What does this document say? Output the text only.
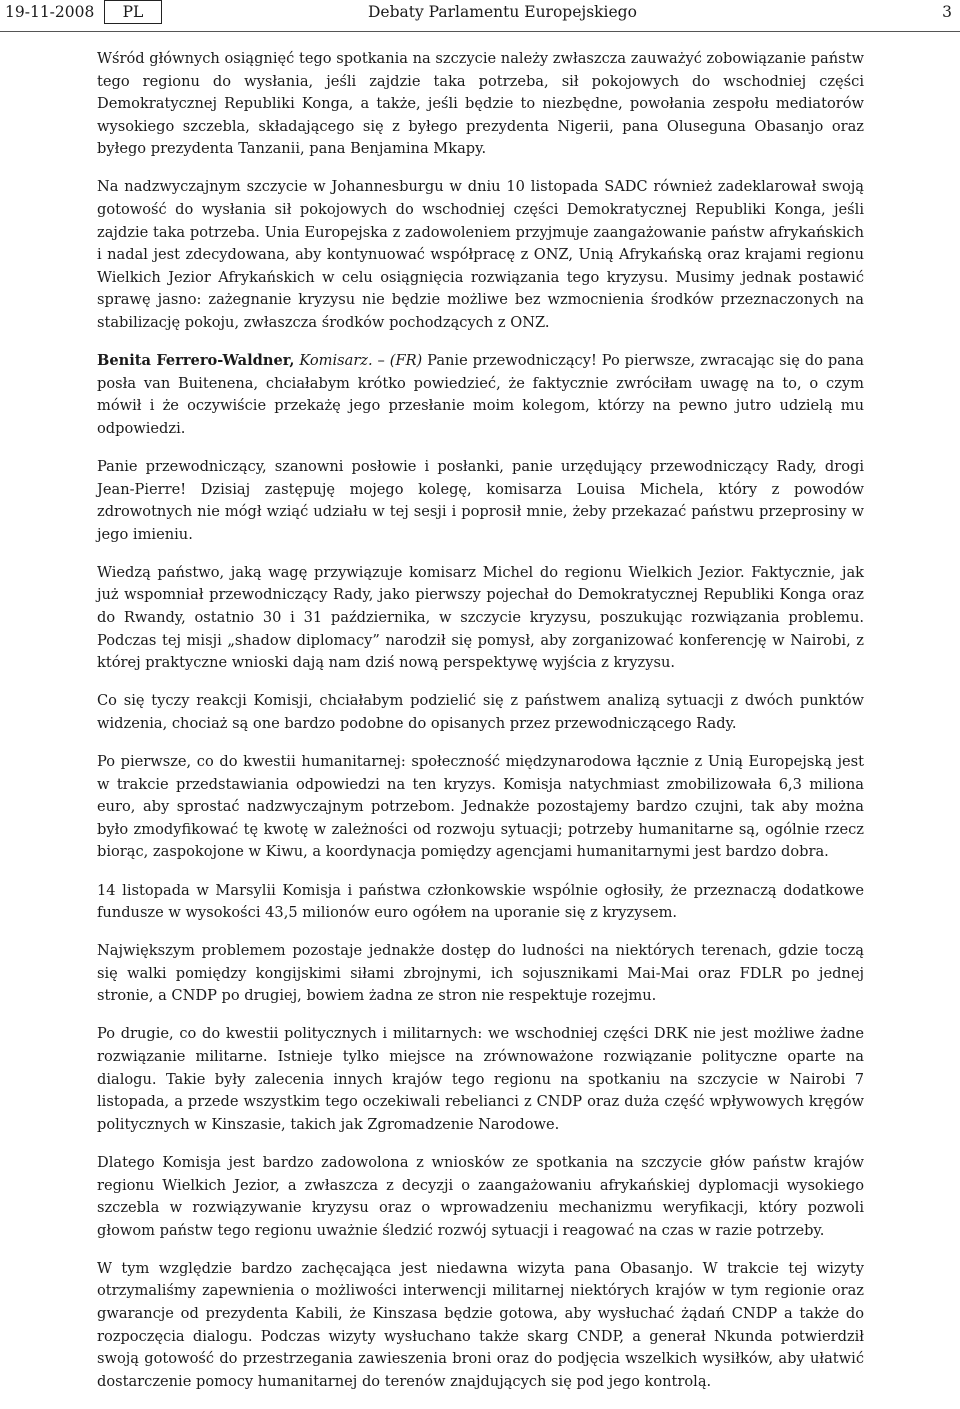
19-11-2008	PL	Debaty Parlamentu Europejskiego	3

Wśród głównych osiągnięć tego spotkania na szczycie należy zwłaszcza zauważyć zobowiązanie państw tego regionu do wysłania, jeśli zajdzie taka potrzeba, sił pokojowych do wschodniej części Demokratycznej Republiki Konga, a także, jeśli będzie to niezbędne, powołania zespołu mediatorów wysokiego szczebla, składającego się z byłego prezydenta Nigerii, pana Oluseguna Obasanjo oraz byłego prezydenta Tanzanii, pana Benjamina Mkapy.

Na nadzwyczajnym szczycie w Johannesburgu w dniu 10 listopada SADC również zadeklarował swoją gotowość do wysłania sił pokojowych do wschodniej części Demokratycznej Republiki Konga, jeśli zajdzie taka potrzeba. Unia Europejska z zadowoleniem przyjmuje zaangażowanie państw afrykańskich i nadal jest zdecydowana, aby kontynuować współpracę z ONZ, Unią Afrykańską oraz krajami regionu Wielkich Jezior Afrykańskich w celu osiągnięcia rozwiązania tego kryzysu. Musimy jednak postawić sprawę jasno: zażegnanie kryzysu nie będzie możliwe bez wzmocnienia środków przeznaczonych na stabilizację pokoju, zwłaszcza środków pochodzących z ONZ.

Benita Ferrero-Waldner, Komisarz. – (FR) Panie przewodniczący! Po pierwsze, zwracając się do pana posła van Buitenena, chciałabym krótko powiedzieć, że faktycznie zwróciłam uwagę na to, o czym mówił i że oczywiście przekażę jego przesłanie moim kolegom, którzy na pewno jutro udzielą mu odpowiedzi.

Panie przewodniczący, szanowni posłowie i posłanki, panie urzędujący przewodniczący Rady, drogi Jean-Pierre! Dzisiaj zastępuję mojego kolegę, komisarza Louisa Michela, który z powodów zdrowotnych nie mógł wziąć udziału w tej sesji i poprosił mnie, żeby przekazać państwu przeprosiny w jego imieniu.

Wiedzą państwo, jaką wagę przywiązuje komisarz Michel do regionu Wielkich Jezior. Faktycznie, jak już wspomniał przewodniczący Rady, jako pierwszy pojechał do Demokratycznej Republiki Konga oraz do Rwandy, ostatnio 30 i 31 października, w szczycie kryzysu, poszukując rozwiązania problemu. Podczas tej misji „shadow diplomacy” narodził się pomysł, aby zorganizować konferencję w Nairobi, z której praktyczne wnioski dają nam dziś nową perspektywę wyjścia z kryzysu.

Co się tyczy reakcji Komisji, chciałabym podzielić się z państwem analizą sytuacji z dwóch punktów widzenia, chociaż są one bardzo podobne do opisanych przez przewodniczącego Rady.

Po pierwsze, co do kwestii humanitarnej: społeczność międzynarodowa łącznie z Unią Europejską jest w trakcie przedstawiania odpowiedzi na ten kryzys. Komisja natychmiast zmobilizowała 6,3 miliona euro, aby sprostać nadzwyczajnym potrzebom. Jednakże pozostajemy bardzo czujni, tak aby można było zmodyfikować tę kwotę w zależności od rozwoju sytuacji; potrzeby humanitarne są, ogólnie rzecz biorąc, zaspokojone w Kiwu, a koordynacja pomiędzy agencjami humanitarnymi jest bardzo dobra.

14 listopada w Marsylii Komisja i państwa członkowskie wspólnie ogłosiły, że przeznaczą dodatkowe fundusze w wysokości 43,5 milionów euro ogółem na uporanie się z kryzysem.

Największym problemem pozostaje jednakże dostęp do ludności na niektórych terenach, gdzie toczą się walki pomiędzy kongijskimi siłami zbrojnymi, ich sojusznikami Mai-Mai oraz FDLR po jednej stronie, a CNDP po drugiej, bowiem żadna ze stron nie respektuje rozejmu.

Po drugie, co do kwestii politycznych i militarnych: we wschodniej części DRK nie jest możliwe żadne rozwiązanie militarne. Istnieje tylko miejsce na zrównoważone rozwiązanie polityczne oparte na dialogu. Takie były zalecenia innych krajów tego regionu na spotkaniu na szczycie w Nairobi 7 listopada, a przede wszystkim tego oczekiwali rebelianci z CNDP oraz duża część wpływowych kręgów politycznych w Kinszasie, takich jak Zgromadzenie Narodowe.

Dlatego Komisja jest bardzo zadowolona z wniosków ze spotkania na szczycie głów państw krajów regionu Wielkich Jezior, a zwłaszcza z decyzji o zaangażowaniu afrykańskiej dyplomacji wysokiego szczebla w rozwiązywanie kryzysu oraz o wprowadzeniu mechanizmu weryfikacji, który pozwoli głowom państw tego regionu uważnie śledzić rozwój sytuacji i reagować na czas w razie potrzeby.

W tym względzie bardzo zachęcająca jest niedawna wizyta pana Obasanjo. W trakcie tej wizyty otrzymaliśmy zapewnienia o możliwości interwencji militarnej niektórych krajów w tym regionie oraz gwarancje od prezydenta Kabili, że Kinszasa będzie gotowa, aby wysłuchać żądań CNDP a także do rozpoczęcia dialogu. Podczas wizyty wysłuchano także skarg CNDP, a generał Nkunda potwierdził swoją gotowość do przestrzegania zawieszenia broni oraz do podjęcia wszelkich wysiłków, aby ułatwić dostarczenie pomocy humanitarnej do terenów znajdujących się pod jego kontrolą.
